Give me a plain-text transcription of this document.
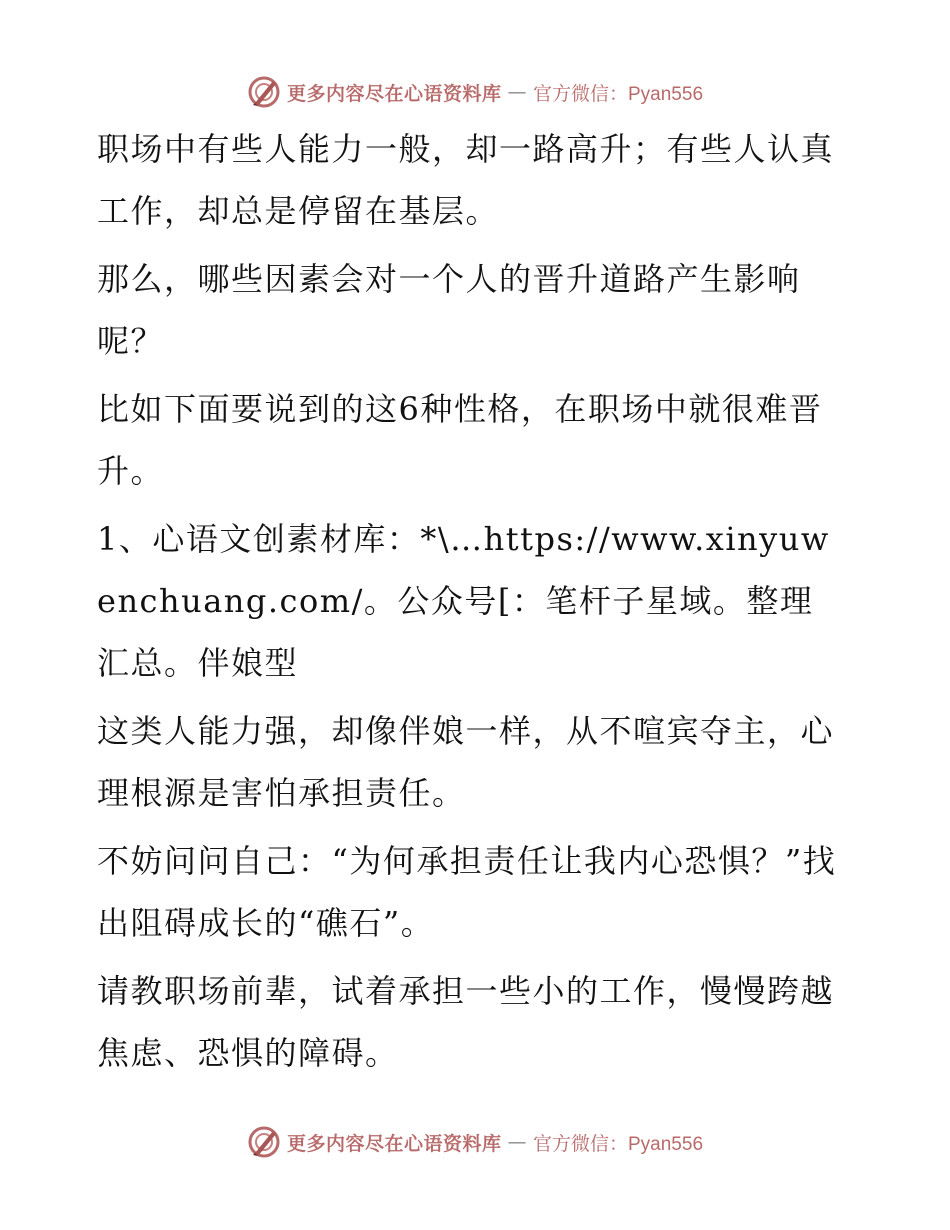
更多内容尽在心语资料库 — 官方微信：Pyan556

职场中有些人能力一般，却一路高升；有些人认真工作，却总是停留在基层。

那么，哪些因素会对一个人的晋升道路产生影响呢？

比如下面要说到的这6种性格，在职场中就很难晋升。

1、心语文创素材库：*\…https://www.xinyuwenchuang.com/。公众号[：笔杆子星域。整理汇总。伴娘型

这类人能力强，却像伴娘一样，从不喧宾夺主，心理根源是害怕承担责任。

不妨问问自己：“为何承担责任让我内心恐惧？”找出阻碍成长的“礁石”。

请教职场前辈，试着承担一些小的工作，慢慢跨越焦虑、恐惧的障碍。

更多内容尽在心语资料库 — 官方微信：Pyan556
